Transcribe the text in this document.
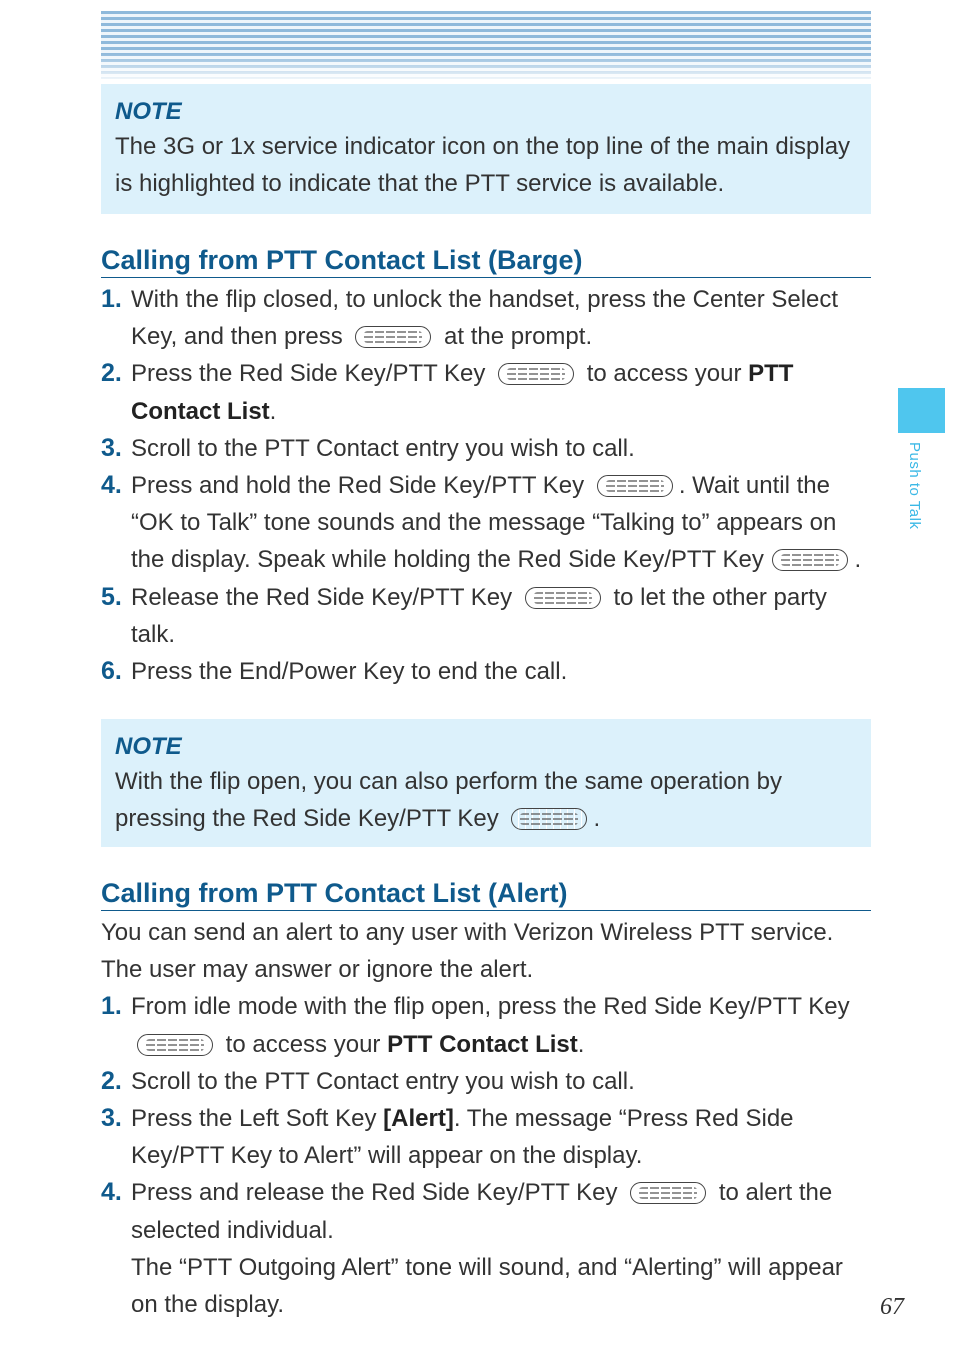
NOTE
The 3G or 1x service indicator icon on the top line of the main display is highlighted to indicate that the PTT service is available.
Calling from PTT Contact List (Barge)
1. With the flip closed, to unlock the handset, press the Center Select Key, and then press	at the prompt.
2. Press the Red Side Key/PTT Key	to access your PTT Contact List.
3. Scroll to the PTT Contact entry you wish to call.
4. Press and hold the Red Side Key/PTT Key	. Wait until the “OK to Talk” tone sounds and the message “Talking to” appears on the display. Speak while holding the Red Side Key/PTT Key	.
5. Release the Red Side Key/PTT Key	to let the other party talk.
6. Press the End/Power Key to end the call.
NOTE
With the flip open, you can also perform the same operation by pressing the Red Side Key/PTT Key	.
Calling from PTT Contact List (Alert)
You can send an alert to any user with Verizon Wireless PTT service. The user may answer or ignore the alert.
1. From idle mode with the flip open, press the Red Side Key/PTT Key  to access your PTT Contact List.
2. Scroll to the PTT Contact entry you wish to call.
3. Press the Left Soft Key [Alert]. The message “Press Red Side Key/PTT Key to Alert” will appear on the display.
4. Press and release the Red Side Key/PTT Key	to alert the selected individual.
The “PTT Outgoing Alert” tone will sound, and “Alerting” will appear on the display.
Push to Talk
67
